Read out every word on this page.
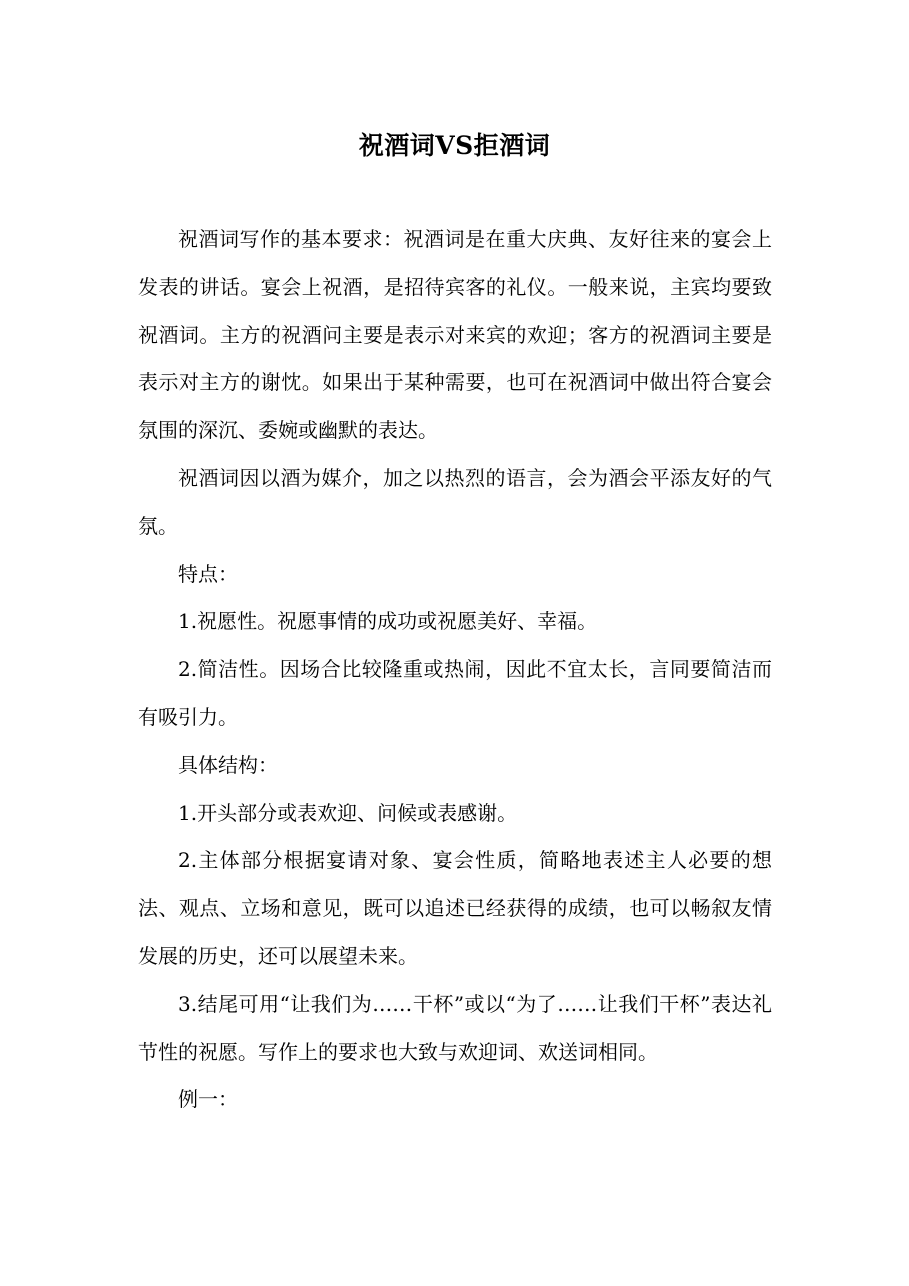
祝酒词VS拒酒词

祝酒词写作的基本要求：祝酒词是在重大庆典、友好往来的宴会上发表的讲话。宴会上祝酒，是招待宾客的礼仪。一般来说，主宾均要致祝酒词。主方的祝酒问主要是表示对来宾的欢迎；客方的祝酒词主要是表示对主方的谢忱。如果出于某种需要，也可在祝酒词中做出符合宴会氛围的深沉、委婉或幽默的表达。

祝酒词因以酒为媒介，加之以热烈的语言，会为酒会平添友好的气氛。

特点：

1.祝愿性。祝愿事情的成功或祝愿美好、幸福。

2.简洁性。因场合比较隆重或热闹，因此不宜太长，言同要简洁而有吸引力。

具体结构：

1.开头部分或表欢迎、问候或表感谢。

2.主体部分根据宴请对象、宴会性质，简略地表述主人必要的想法、观点、立场和意见，既可以追述已经获得的成绩，也可以畅叙友情发展的历史，还可以展望未来。

3.结尾可用“让我们为……干杯”或以“为了……让我们干杯”表达礼节性的祝愿。写作上的要求也大致与欢迎词、欢送词相同。

例一：
